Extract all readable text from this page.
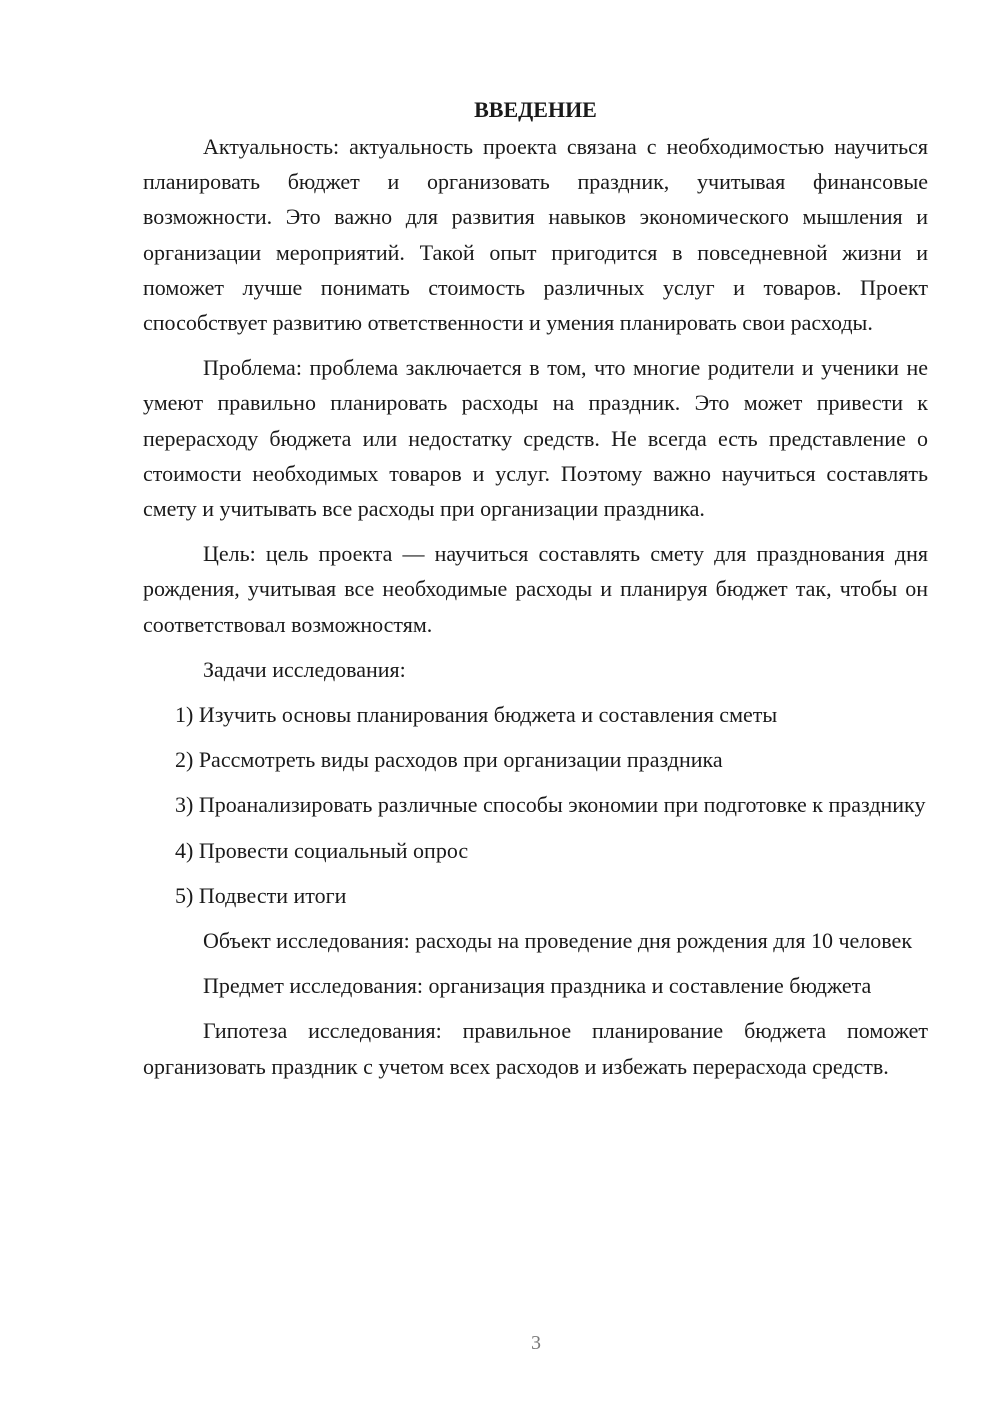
ВВЕДЕНИЕ

Актуальность: актуальность проекта связана с необходимостью научиться планировать бюджет и организовать праздник, учитывая финансовые возможности. Это важно для развития навыков экономического мышления и организации мероприятий. Такой опыт пригодится в повседневной жизни и поможет лучше понимать стоимость различных услуг и товаров. Проект способствует развитию ответственности и умения планировать свои расходы.

Проблема: проблема заключается в том, что многие родители и ученики не умеют правильно планировать расходы на праздник. Это может привести к перерасходу бюджета или недостатку средств. Не всегда есть представление о стоимости необходимых товаров и услуг. Поэтому важно научиться составлять смету и учитывать все расходы при организации праздника.

Цель: цель проекта — научиться составлять смету для празднования дня рождения, учитывая все необходимые расходы и планируя бюджет так, чтобы он соответствовал возможностям.

Задачи исследования:

1) Изучить основы планирования бюджета и составления сметы
2) Рассмотреть виды расходов при организации праздника
3) Проанализировать различные способы экономии при подготовке к празднику
4) Провести социальный опрос
5) Подвести итоги

Объект исследования: расходы на проведение дня рождения для 10 человек

Предмет исследования: организация праздника и составление бюджета

Гипотеза исследования: правильное планирование бюджета поможет организовать праздник с учетом всех расходов и избежать перерасхода средств.

3
